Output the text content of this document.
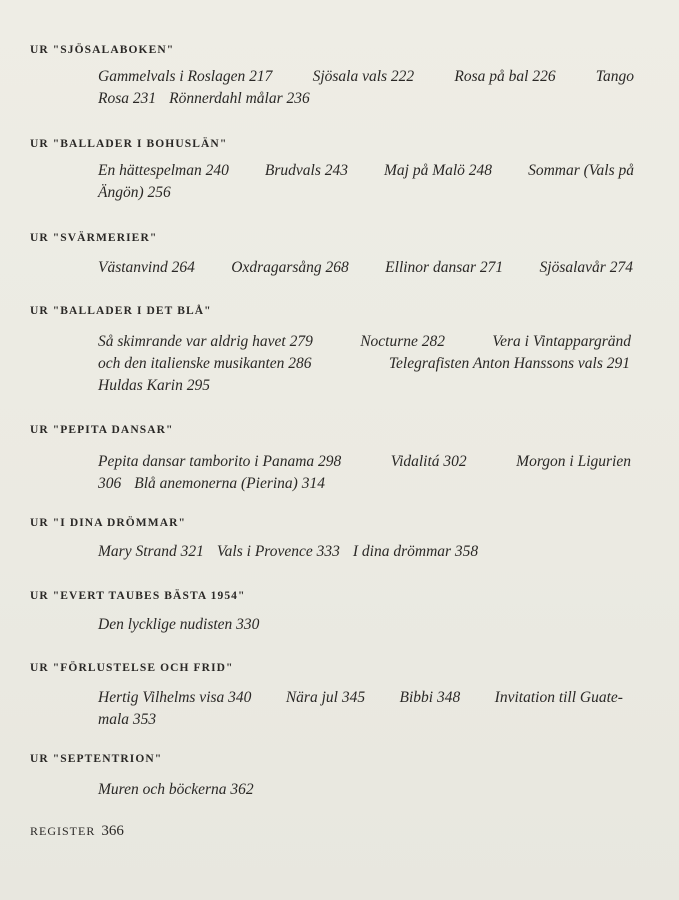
UR "SJÖSALABOKEN"
Gammelvals i Roslagen 217	Sjösala vals 222	Rosa på bal 226	Tango
Rosa 231 Rönnerdahl målar 236
UR "BALLADER I BOHUSLÄN"
En hättespelman 240 Brudvals 243 Maj på Malö 248 Sommar (Vals på
Ängön) 256
UR "SVÄRMERIER"
Västanvind 264 Oxdragarsång 268 Ellinor dansar 271 Sjösalavår 274
UR "BALLADER I DET BLÅ"
Så skimrande var aldrig havet 279	Nocturne 282	Vera i Vintappargränd
och den italienske musikanten 286	Telegrafisten Anton Hanssons vals 291
Huldas Karin 295
UR "PEPITA DANSAR"
Pepita dansar tamborito i Panama 298	Vidalitá 302	Morgon i Ligurien
306 Blå anemonerna (Pierina) 314
UR "I DINA DRÖMMAR"
Mary Strand 321 Vals i Provence 333 I dina drömmar 358
UR "EVERT TAUBES BÄSTA 1954"
Den lycklige nudisten 330
UR "FÖRLUSTELSE OCH FRID"
Hertig Vilhelms visa 340 Nära jul 345 Bibbi 348 Invitation till Guate-
mala 353
UR "SEPTENTRION"
Muren och böckerna 362
REGISTER 366
